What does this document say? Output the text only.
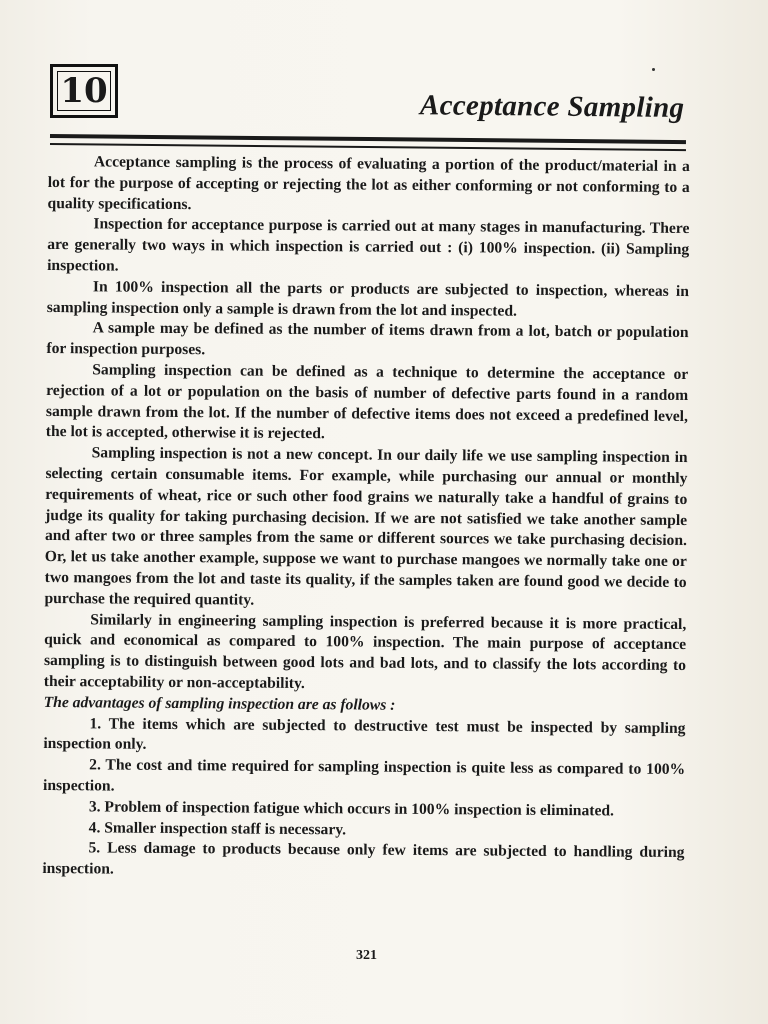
10	Acceptance Sampling

Acceptance sampling is the process of evaluating a portion of the product/material in a lot for the purpose of accepting or rejecting the lot as either conforming or not conforming to a quality specifications.

Inspection for acceptance purpose is carried out at many stages in manufacturing. There are generally two ways in which inspection is carried out : (i) 100% inspection. (ii) Sampling inspection.

In 100% inspection all the parts or products are subjected to inspection, whereas in sampling inspection only a sample is drawn from the lot and inspected.

A sample may be defined as the number of items drawn from a lot, batch or population for inspection purposes.

Sampling inspection can be defined as a technique to determine the acceptance or rejection of a lot or population on the basis of number of defective parts found in a random sample drawn from the lot. If the number of defective items does not exceed a predefined level, the lot is accepted, otherwise it is rejected.

Sampling inspection is not a new concept. In our daily life we use sampling inspection in selecting certain consumable items. For example, while purchasing our annual or monthly requirements of wheat, rice or such other food grains we naturally take a handful of grains to judge its quality for taking purchasing decision. If we are not satisfied we take another sample and after two or three samples from the same or different sources we take purchasing decision. Or, let us take another example, suppose we want to purchase mangoes we normally take one or two mangoes from the lot and taste its quality, if the samples taken are found good we decide to purchase the required quantity.

Similarly in engineering sampling inspection is preferred because it is more practical, quick and economical as compared to 100% inspection. The main purpose of acceptance sampling is to distinguish between good lots and bad lots, and to classify the lots according to their acceptability or non-acceptability.

The advantages of sampling inspection are as follows :

1. The items which are subjected to destructive test must be inspected by sampling inspection only.

2. The cost and time required for sampling inspection is quite less as compared to 100% inspection.

3. Problem of inspection fatigue which occurs in 100% inspection is eliminated.

4. Smaller inspection staff is necessary.

5. Less damage to products because only few items are subjected to handling during inspection.

321
